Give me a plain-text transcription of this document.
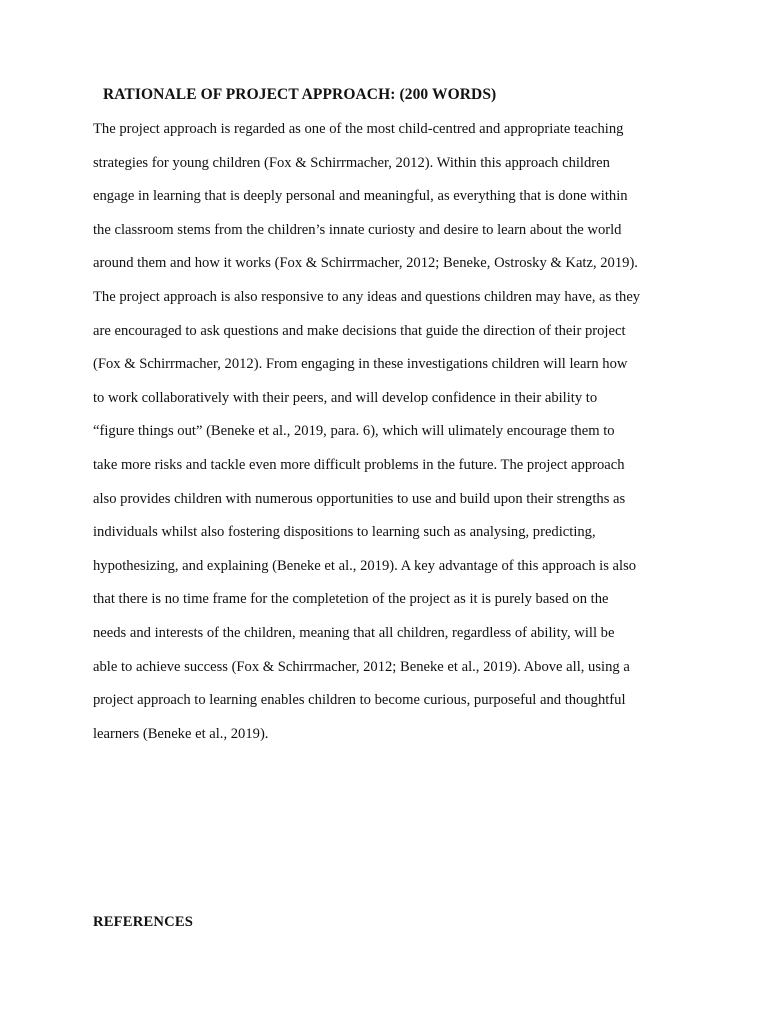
RATIONALE OF PROJECT APPROACH: (200 WORDS)
The project approach is regarded as one of the most child-centred and appropriate teaching
strategies for young children (Fox & Schirrmacher, 2012). Within this approach children
engage in learning that is deeply personal and meaningful, as everything that is done within
the classroom stems from the children’s innate curiosty and desire to learn about the world
around them and how it works (Fox & Schirrmacher, 2012; Beneke, Ostrosky & Katz, 2019).
The project approach is also responsive to any ideas and questions children may have, as they
are encouraged to ask questions and make decisions that guide the direction of their project
(Fox & Schirrmacher, 2012). From engaging in these investigations children will learn how
to work collaboratively with their peers, and will develop confidence in their ability to
“figure things out” (Beneke et al., 2019, para. 6), which will ulimately encourage them to
take more risks and tackle even more difficult problems in the future. The project approach
also provides children with numerous opportunities to use and build upon their strengths as
individuals whilst also fostering dispositions to learning such as analysing, predicting,
hypothesizing, and explaining (Beneke et al., 2019). A key advantage of this approach is also
that there is no time frame for the completetion of the project as it is purely based on the
needs and interests of the children, meaning that all children, regardless of ability, will be
able to achieve success (Fox & Schirrmacher, 2012; Beneke et al., 2019). Above all, using a
project approach to learning enables children to become curious, purposeful and thoughtful
learners (Beneke et al., 2019).
REFERENCES
